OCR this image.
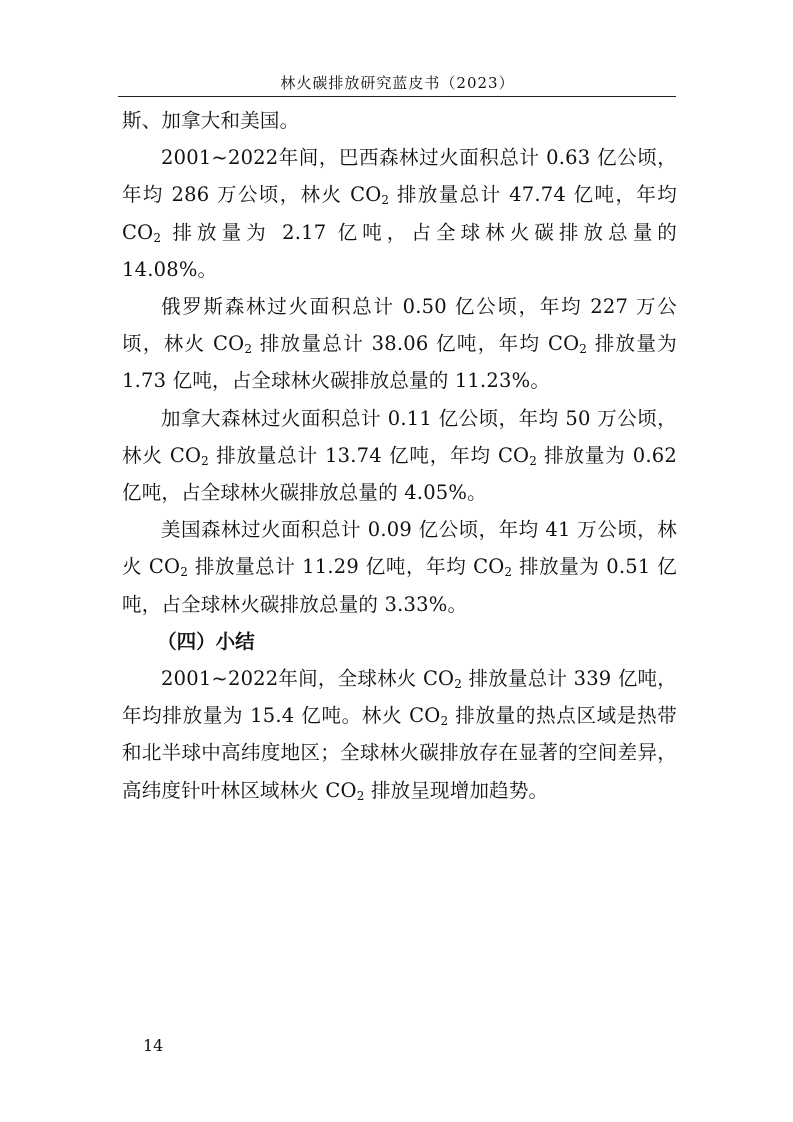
林火碳排放研究蓝皮书（2023）

斯、加拿大和美国。

2001~2022年间，巴西森林过火面积总计 0.63 亿公顷，年均 286 万公顷，林火 $CO_2$ 排放量总计 47.74 亿吨，年均 $CO_2$ 排放量为 2.17 亿吨，占全球林火碳排放总量的 14.08%。

俄罗斯森林过火面积总计 0.50 亿公顷，年均 227 万公顷，林火 $CO_2$ 排放量总计 38.06 亿吨，年均 $CO_2$ 排放量为 1.73 亿吨，占全球林火碳排放总量的 11.23%。

加拿大森林过火面积总计 0.11 亿公顷，年均 50 万公顷，林火 $CO_2$ 排放量总计 13.74 亿吨，年均 $CO_2$ 排放量为 0.62 亿吨，占全球林火碳排放总量的 4.05%。

美国森林过火面积总计 0.09 亿公顷，年均 41 万公顷，林火 $CO_2$ 排放量总计 11.29 亿吨，年均 $CO_2$ 排放量为 0.51 亿吨，占全球林火碳排放总量的 3.33%。

（四）小结

2001~2022年间，全球林火 $CO_2$ 排放量总计 339 亿吨，年均排放量为 15.4 亿吨。林火 $CO_2$ 排放量的热点区域是热带和北半球中高纬度地区；全球林火碳排放存在显著的空间差异，高纬度针叶林区域林火 $CO_2$ 排放呈现增加趋势。

14
